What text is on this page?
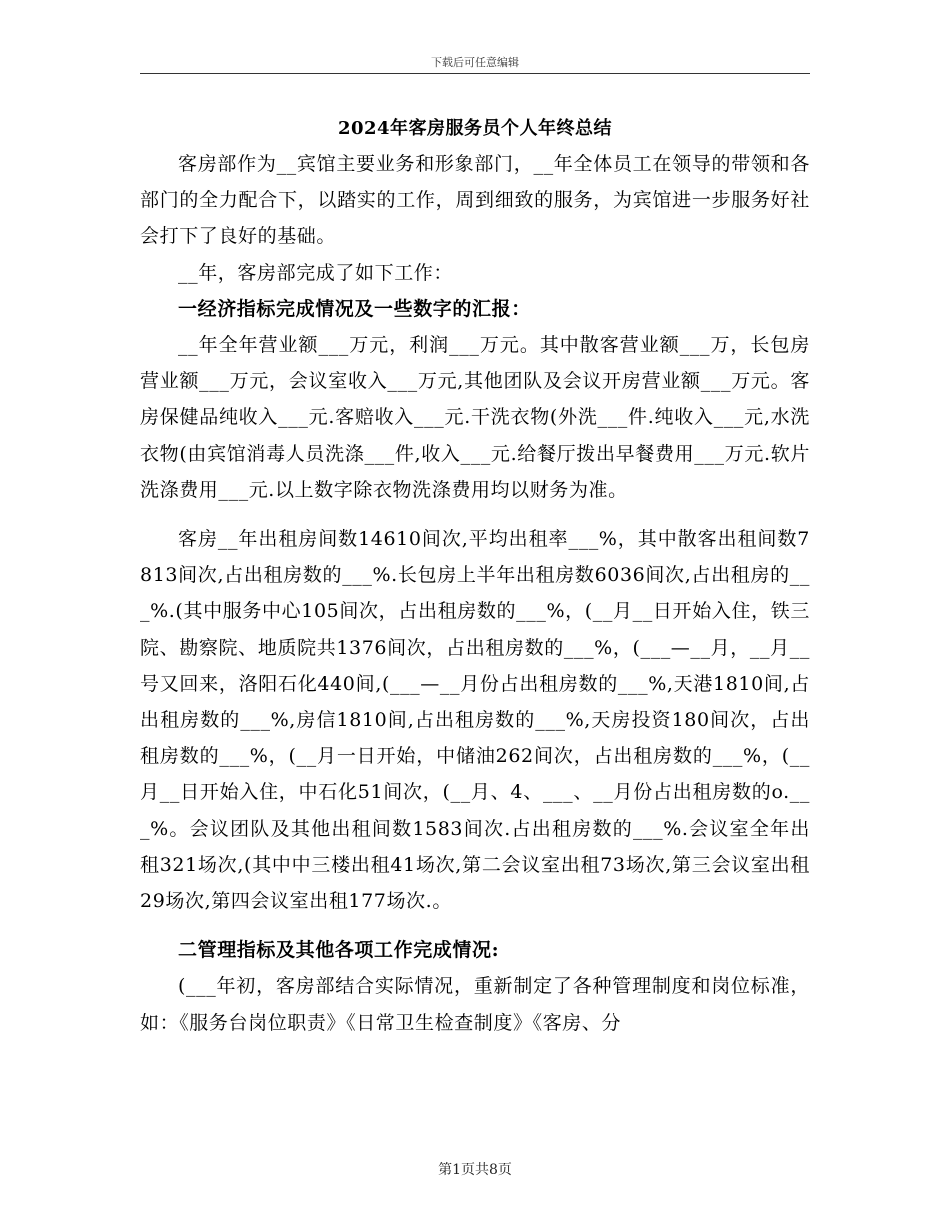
下载后可任意编辑
2024年客房服务员个人年终总结

客房部作为__宾馆主要业务和形象部门，__年全体员工在领导的带领和各部门的全力配合下，以踏实的工作，周到细致的服务，为宾馆进一步服务好社会打下了良好的基础。

__年，客房部完成了如下工作：

一经济指标完成情况及一些数字的汇报：

__年全年营业额___万元，利润___万元。其中散客营业额___万，长包房营业额___万元，会议室收入___万元,其他团队及会议开房营业额___万元。客房保健品纯收入___元.客赔收入___元.干洗衣物(外洗___件.纯收入___元,水洗衣物(由宾馆消毒人员洗涤___件,收入___元.给餐厅拨出早餐费用___万元.软片洗涤费用___元.以上数字除衣物洗涤费用均以财务为准。

客房__年出租房间数14610间次,平均出租率___%，其中散客出租间数7813间次,占出租房数的___%.长包房上半年出租房数6036间次,占出租房的___%.(其中服务中心105间次，占出租房数的___%，(__月__日开始入住，铁三院、勘察院、地质院共1376间次，占出租房数的___%，(___—__月，__月__号又回来，洛阳石化440间,(___—__月份占出租房数的___%,天港1810间,占出租房数的___%,房信1810间,占出租房数的___%,天房投资180间次，占出租房数的___%，(__月一日开始，中储油262间次，占出租房数的___%，(__月__日开始入住，中石化51间次，(__月、4、___、__月份占出租房数的o.___%。会议团队及其他出租间数1583间次.占出租房数的___%.会议室全年出租321场次,(其中中三楼出租41场次,第二会议室出租73场次,第三会议室出租29场次,第四会议室出租177场次.。

二管理指标及其他各项工作完成情况:

(___年初，客房部结合实际情况，重新制定了各种管理制度和岗位标准，如：《服务台岗位职责》《日常卫生检查制度》《客房、分

第1页共8页
